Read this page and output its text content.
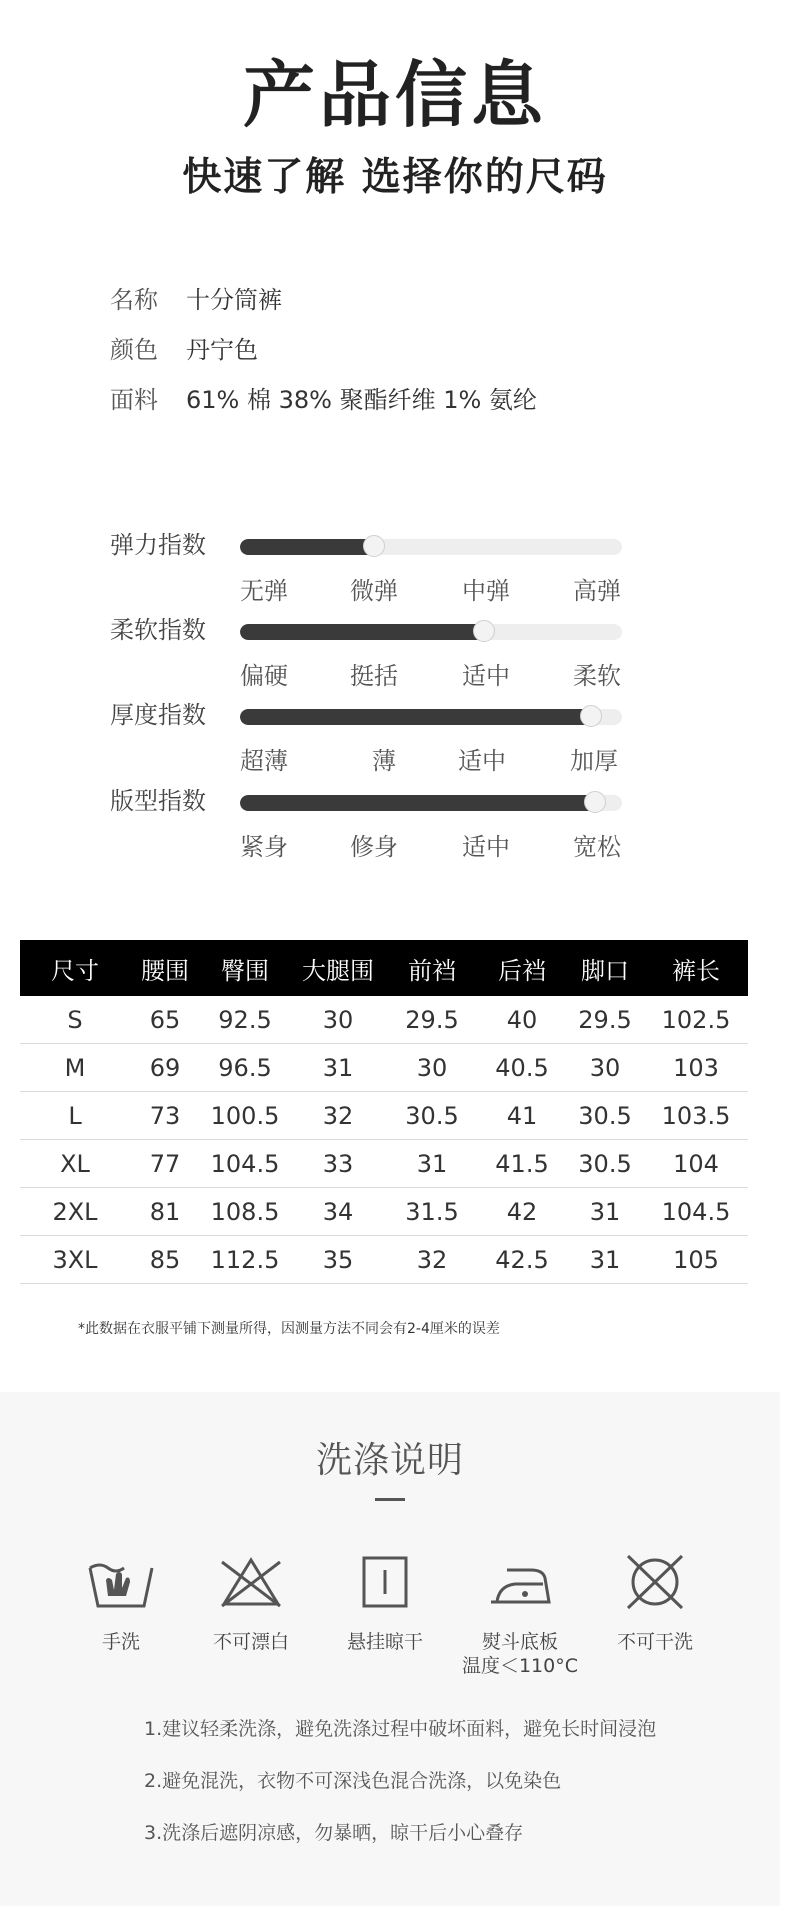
产品信息
快速了解 选择你的尺码
名称	十分筒裤
颜色	丹宁色
面料	61% 棉 38% 聚酯纤维 1% 氨纶
弹力指数
无弹	微弹	中弹	高弹
柔软指数
偏硬	挺括	适中	柔软
厚度指数
超薄	薄	适中	加厚
版型指数
紧身	修身	适中	宽松
尺寸	腰围	臀围	大腿围	前裆	后裆	脚口	裤长
S	65	92.5	30	29.5	40	29.5	102.5
M	69	96.5	31	30	40.5	30	103
L	73	100.5	32	30.5	41	30.5	103.5
XL	77	104.5	33	31	41.5	30.5	104
2XL	81	108.5	34	31.5	42	31	104.5
3XL	85	112.5	35	32	42.5	31	105
*此数据在衣服平铺下测量所得，因测量方法不同会有2-4厘米的误差
洗涤说明
手洗	不可漂白	悬挂晾干	熨斗底板
温度＜110°C
不可干洗
1.建议轻柔洗涤，避免洗涤过程中破坏面料，避免长时间浸泡
2.避免混洗，衣物不可深浅色混合洗涤，以免染色
3.洗涤后遮阴凉感，勿暴晒，晾干后小心叠存
